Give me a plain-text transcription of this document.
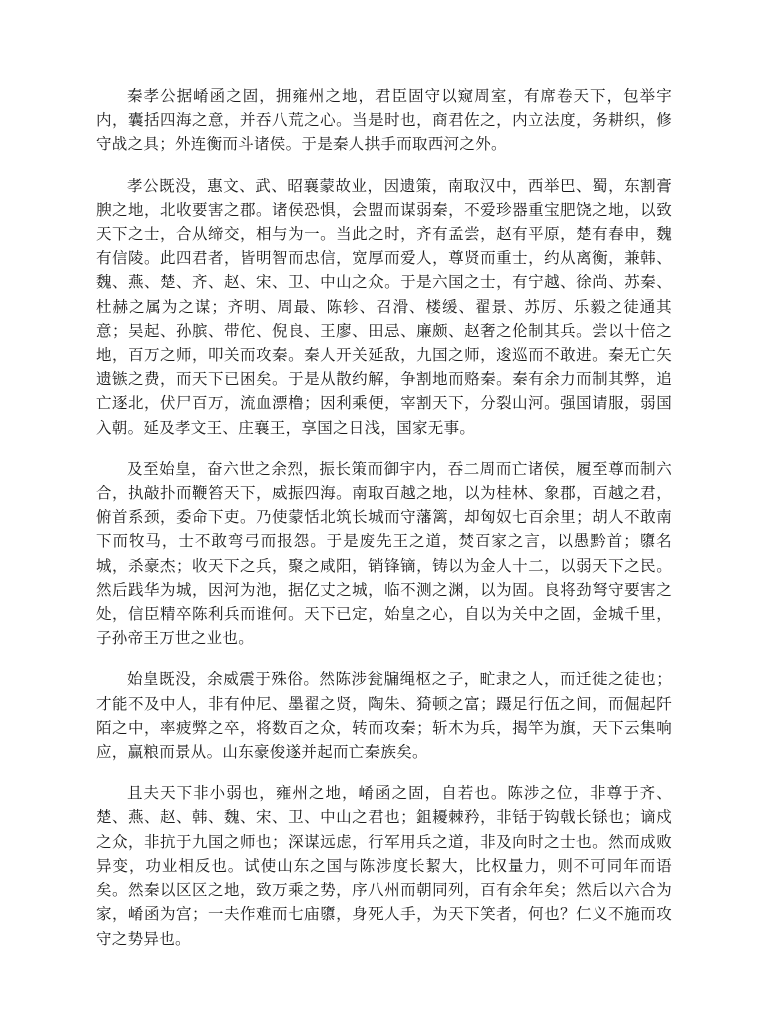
秦孝公据崤函之固，拥雍州之地，君臣固守以窥周室，有席卷天下，包举宇内，囊括四海之意，并吞八荒之心。当是时也，商君佐之，内立法度，务耕织，修守战之具；外连衡而斗诸侯。于是秦人拱手而取西河之外。

孝公既没，惠文、武、昭襄蒙故业，因遗策，南取汉中，西举巴、蜀，东割膏腴之地，北收要害之郡。诸侯恐惧，会盟而谋弱秦，不爱珍器重宝肥饶之地，以致天下之士，合从缔交，相与为一。当此之时，齐有孟尝，赵有平原，楚有春申，魏有信陵。此四君者，皆明智而忠信，宽厚而爱人，尊贤而重士，约从离衡，兼韩、魏、燕、楚、齐、赵、宋、卫、中山之众。于是六国之士，有宁越、徐尚、苏秦、杜赫之属为之谋；齐明、周最、陈轸、召滑、楼缓、翟景、苏厉、乐毅之徒通其意；吴起、孙膑、带佗、倪良、王廖、田忌、廉颇、赵奢之伦制其兵。尝以十倍之地，百万之师，叩关而攻秦。秦人开关延敌，九国之师，逡巡而不敢进。秦无亡矢遗镞之费，而天下已困矣。于是从散约解，争割地而赂秦。秦有余力而制其弊，追亡逐北，伏尸百万，流血漂橹；因利乘便，宰割天下，分裂山河。强国请服，弱国入朝。延及孝文王、庄襄王，享国之日浅，国家无事。

及至始皇，奋六世之余烈，振长策而御宇内，吞二周而亡诸侯，履至尊而制六合，执敲扑而鞭笞天下，威振四海。南取百越之地，以为桂林、象郡，百越之君，俯首系颈，委命下吏。乃使蒙恬北筑长城而守藩篱，却匈奴七百余里；胡人不敢南下而牧马，士不敢弯弓而报怨。于是废先王之道，焚百家之言，以愚黔首；隳名城，杀豪杰；收天下之兵，聚之咸阳，销锋镝，铸以为金人十二，以弱天下之民。然后践华为城，因河为池，据亿丈之城，临不测之渊，以为固。良将劲弩守要害之处，信臣精卒陈利兵而谁何。天下已定，始皇之心，自以为关中之固，金城千里，子孙帝王万世之业也。

始皇既没，余威震于殊俗。然陈涉瓮牖绳枢之子，甿隶之人，而迁徙之徒也；才能不及中人，非有仲尼、墨翟之贤，陶朱、猗顿之富；蹑足行伍之间，而倔起阡陌之中，率疲弊之卒，将数百之众，转而攻秦；斩木为兵，揭竿为旗，天下云集响应，赢粮而景从。山东豪俊遂并起而亡秦族矣。

且夫天下非小弱也，雍州之地，崤函之固，自若也。陈涉之位，非尊于齐、楚、燕、赵、韩、魏、宋、卫、中山之君也；鉏耰棘矜，非铦于钩戟长铩也；谪戍之众，非抗于九国之师也；深谋远虑，行军用兵之道，非及向时之士也。然而成败异变，功业相反也。试使山东之国与陈涉度长絜大，比权量力，则不可同年而语矣。然秦以区区之地，致万乘之势，序八州而朝同列，百有余年矣；然后以六合为家，崤函为宫；一夫作难而七庙隳，身死人手，为天下笑者，何也？仁义不施而攻守之势异也。
